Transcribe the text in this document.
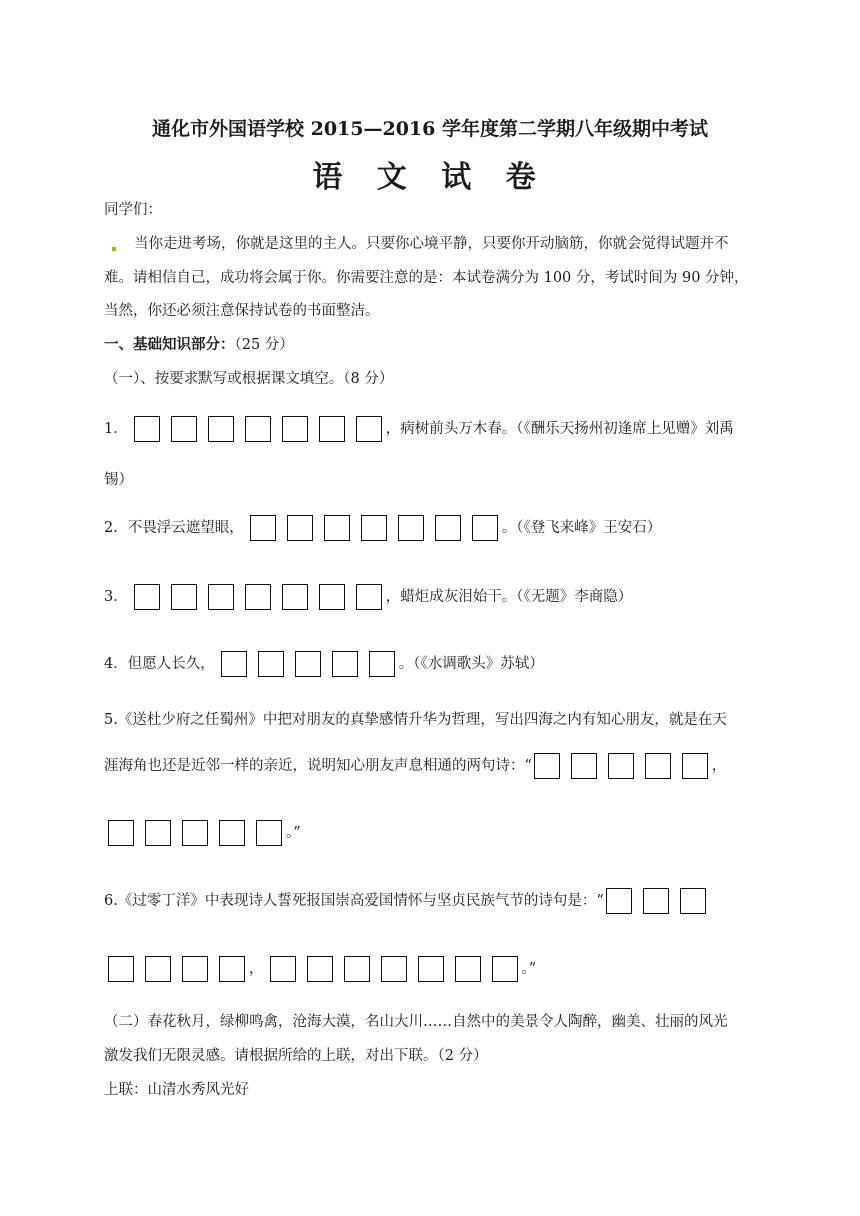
通化市外国语学校 2015—2016 学年度第二学期八年级期中考试
语 文 试 卷
同学们：
当你走进考场，你就是这里的主人。只要你心境平静，只要你开动脑筋，你就会觉得试题并不
难。请相信自己，成功将会属于你。你需要注意的是：本试卷满分为 100 分，考试时间为 90 分钟，
当然，你还必须注意保持试卷的书面整洁。
一、基础知识部分：（25 分）
（一）、按要求默写或根据课文填空。（8 分）
1．	，病树前头万木春。（《酬乐天扬州初逢席上见赠》刘禹
锡）
2．不畏浮云遮望眼，	。（《登飞来峰》王安石）
3．	，蜡炬成灰泪始干。（《无题》李商隐）
4．但愿人长久，	。（《水调歌头》苏轼）
5.《送杜少府之任蜀州》中把对朋友的真挚感情升华为哲理，写出四海之内有知心朋友，就是在天
涯海角也还是近邻一样的亲近，说明知心朋友声息相通的两句诗：“	，
。”
6.《过零丁洋》中表现诗人誓死报国崇高爱国情怀与坚贞民族气节的诗句是：“
，	。”
（二）春花秋月，绿柳鸣禽，沧海大漠，名山大川……自然中的美景令人陶醉，幽美、壮丽的风光
激发我们无限灵感。请根据所给的上联，对出下联。（2 分）
上联：山清水秀风光好
